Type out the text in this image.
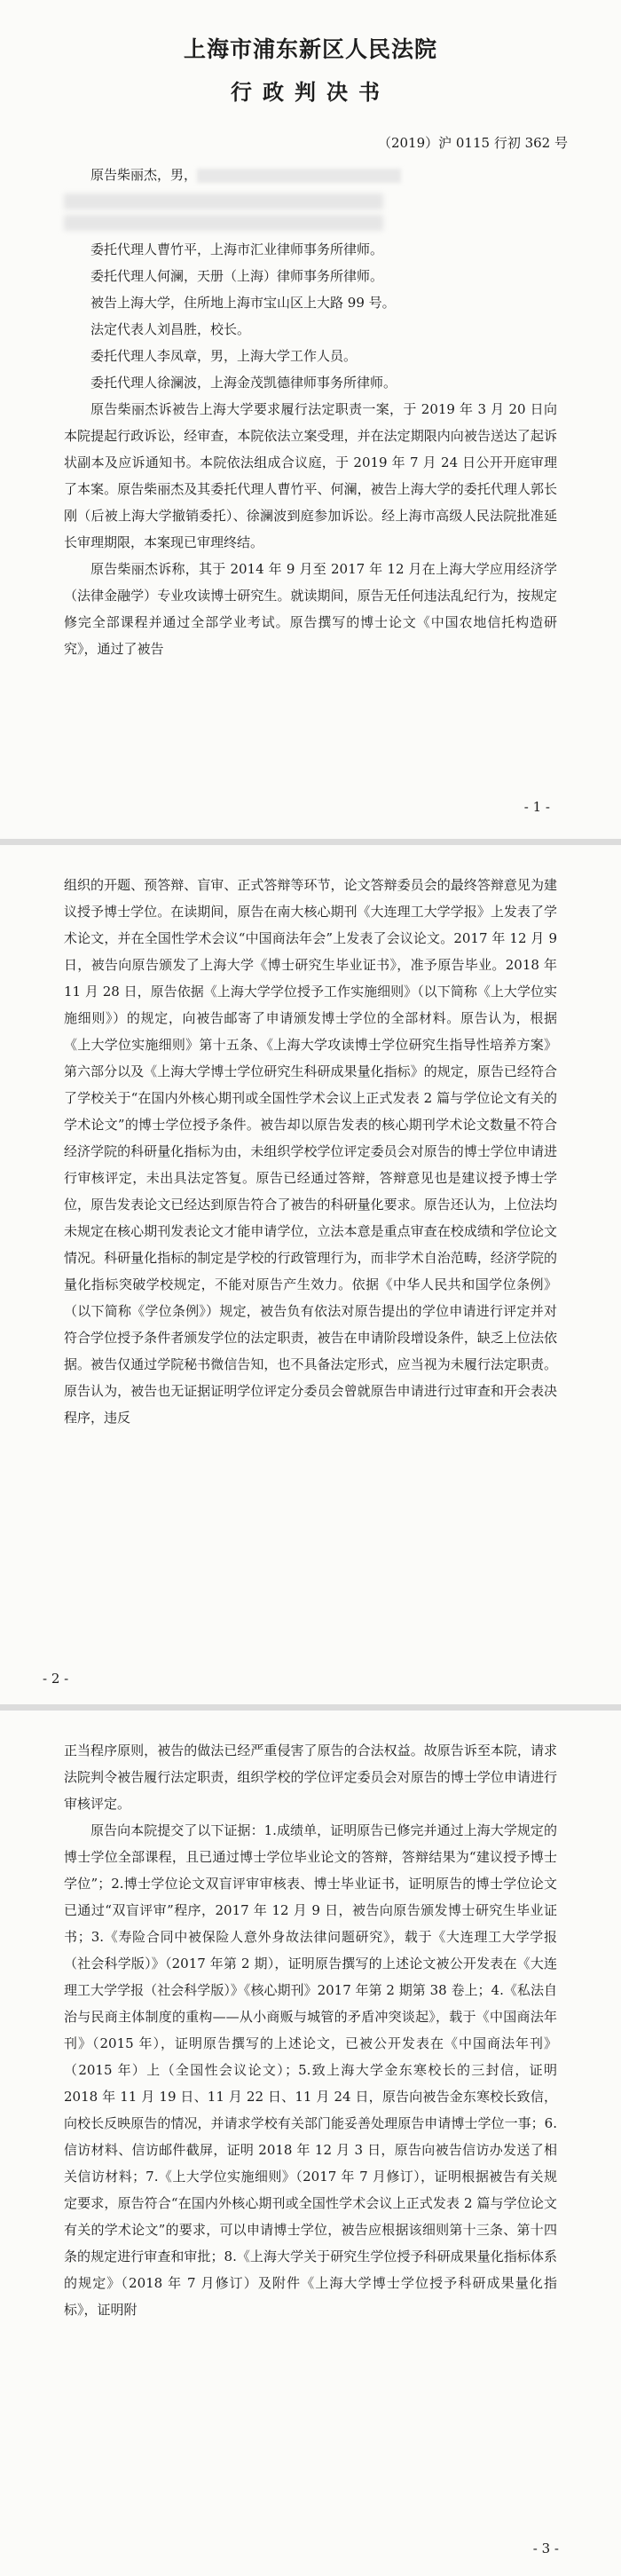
上海市浦东新区人民法院
行政判决书
（2019）沪 0115 行初 362 号

原告柴丽杰，男，

委托代理人曹竹平，上海市汇业律师事务所律师。

委托代理人何澜，天册（上海）律师事务所律师。

被告上海大学，住所地上海市宝山区上大路 99 号。

法定代表人刘昌胜，校长。

委托代理人李凤章，男，上海大学工作人员。

委托代理人徐澜波，上海金茂凯德律师事务所律师。

原告柴丽杰诉被告上海大学要求履行法定职责一案，于 2019 年 3 月 20 日向本院提起行政诉讼，经审查，本院依法立案受理，并在法定期限内向被告送达了起诉状副本及应诉通知书。本院依法组成合议庭，于 2019 年 7 月 24 日公开开庭审理了本案。原告柴丽杰及其委托代理人曹竹平、何澜，被告上海大学的委托代理人郭长刚（后被上海大学撤销委托）、徐澜波到庭参加诉讼。经上海市高级人民法院批准延长审理期限，本案现已审理终结。

原告柴丽杰诉称，其于 2014 年 9 月至 2017 年 12 月在上海大学应用经济学（法律金融学）专业攻读博士研究生。就读期间，原告无任何违法乱纪行为，按规定修完全部课程并通过全部学业考试。原告撰写的博士论文《中国农地信托构造研究》，通过了被告

- 1 -

组织的开题、预答辩、盲审、正式答辩等环节，论文答辩委员会的最终答辩意见为建议授予博士学位。在读期间，原告在南大核心期刊《大连理工大学学报》上发表了学术论文，并在全国性学术会议“中国商法年会”上发表了会议论文。2017 年 12 月 9 日，被告向原告颁发了上海大学《博士研究生毕业证书》，准予原告毕业。2018 年 11 月 28 日，原告依据《上海大学学位授予工作实施细则》（以下简称《上大学位实施细则》）的规定，向被告邮寄了申请颁发博士学位的全部材料。原告认为，根据《上大学位实施细则》第十五条、《上海大学攻读博士学位研究生指导性培养方案》第六部分以及《上海大学博士学位研究生科研成果量化指标》的规定，原告已经符合了学校关于“在国内外核心期刊或全国性学术会议上正式发表 2 篇与学位论文有关的学术论文”的博士学位授予条件。被告却以原告发表的核心期刊学术论文数量不符合经济学院的科研量化指标为由，未组织学校学位评定委员会对原告的博士学位申请进行审核评定，未出具法定答复。原告已经通过答辩，答辩意见也是建议授予博士学位，原告发表论文已经达到原告符合了被告的科研量化要求。原告还认为，上位法均未规定在核心期刊发表论文才能申请学位，立法本意是重点审查在校成绩和学位论文情况。科研量化指标的制定是学校的行政管理行为，而非学术自治范畴，经济学院的量化指标突破学校规定，不能对原告产生效力。依据《中华人民共和国学位条例》（以下简称《学位条例》）规定，被告负有依法对原告提出的学位申请进行评定并对符合学位授予条件者颁发学位的法定职责，被告在申请阶段增设条件，缺乏上位法依据。被告仅通过学院秘书微信告知，也不具备法定形式，应当视为未履行法定职责。原告认为，被告也无证据证明学位评定分委员会曾就原告申请进行过审查和开会表决程序，违反

- 2 -

正当程序原则，被告的做法已经严重侵害了原告的合法权益。故原告诉至本院，请求法院判令被告履行法定职责，组织学校的学位评定委员会对原告的博士学位申请进行审核评定。

原告向本院提交了以下证据：1.成绩单，证明原告已修完并通过上海大学规定的博士学位全部课程，且已通过博士学位毕业论文的答辩，答辩结果为“建议授予博士学位”；2.博士学位论文双盲评审审核表、博士毕业证书，证明原告的博士学位论文已通过“双盲评审”程序，2017 年 12 月 9 日，被告向原告颁发博士研究生毕业证书；3.《寿险合同中被保险人意外身故法律问题研究》，载于《大连理工大学学报（社会科学版）》（2017 年第 2 期），证明原告撰写的上述论文被公开发表在《大连理工大学学报（社会科学版）》《核心期刊》2017 年第 2 期第 38 卷上；4.《私法自治与民商主体制度的重构——从小商贩与城管的矛盾冲突谈起》，载于《中国商法年刊》（2015 年），证明原告撰写的上述论文，已被公开发表在《中国商法年刊》（2015 年）上（全国性会议论文）；5.致上海大学金东寒校长的三封信，证明 2018 年 11 月 19 日、11 月 22 日、11 月 24 日，原告向被告金东寒校长致信，向校长反映原告的情况，并请求学校有关部门能妥善处理原告申请博士学位一事；6.信访材料、信访邮件截屏，证明 2018 年 12 月 3 日，原告向被告信访办发送了相关信访材料；7.《上大学位实施细则》（2017 年 7 月修订），证明根据被告有关规定要求，原告符合“在国内外核心期刊或全国性学术会议上正式发表 2 篇与学位论文有关的学术论文”的要求，可以申请博士学位，被告应根据该细则第十三条、第十四条的规定进行审查和审批；8.《上海大学关于研究生学位授予科研成果量化指标体系的规定》（2018 年 7 月修订）及附件《上海大学博士学位授予科研成果量化指标》，证明附

- 3 -
